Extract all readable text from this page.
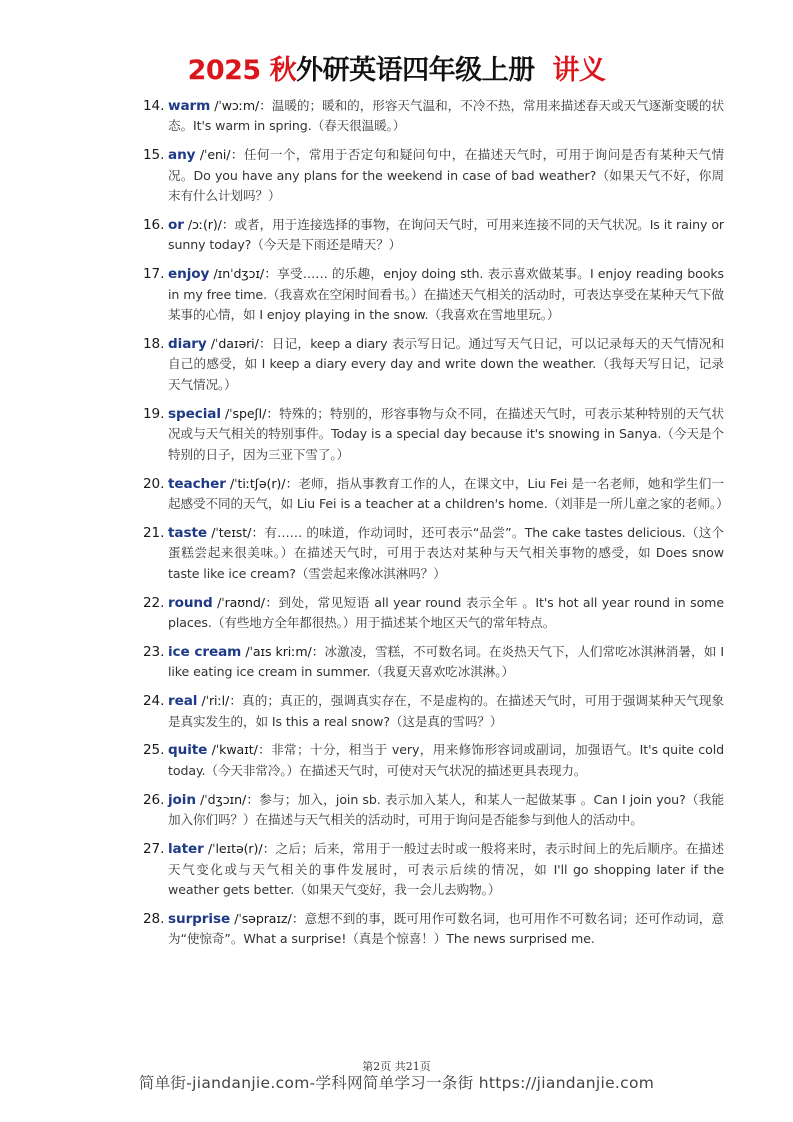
2025 秋外研英语四年级上册 讲义
14. warm /ˈwɔːm/：温暖的；暖和的，形容天气温和，不冷不热，常用来描述春天或天气逐渐变暖的状态。It's warm in spring.（春天很温暖。）
15. any /ˈeni/：任何一个，常用于否定句和疑问句中，在描述天气时，可用于询问是否有某种天气情况。Do you have any plans for the weekend in case of bad weather?（如果天气不好，你周末有什么计划吗？）
16. or /ɔː(r)/：或者，用于连接选择的事物，在询问天气时，可用来连接不同的天气状况。Is it rainy or sunny today?（今天是下雨还是晴天？）
17. enjoy /ɪnˈdʒɔɪ/：享受…… 的乐趣，enjoy doing sth. 表示喜欢做某事。I enjoy reading books in my free time.（我喜欢在空闲时间看书。）在描述天气相关的活动时，可表达享受在某种天气下做某事的心情，如 I enjoy playing in the snow.（我喜欢在雪地里玩。）
18. diary /ˈdaɪəri/：日记，keep a diary 表示写日记。通过写天气日记，可以记录每天的天气情况和自己的感受，如 I keep a diary every day and write down the weather.（我每天写日记，记录天气情况。）
19. special /ˈspeʃl/：特殊的；特别的，形容事物与众不同，在描述天气时，可表示某种特别的天气状况或与天气相关的特别事件。Today is a special day because it's snowing in Sanya.（今天是个特别的日子，因为三亚下雪了。）
20. teacher /ˈtiːtʃə(r)/：老师，指从事教育工作的人，在课文中，Liu Fei 是一名老师，她和学生们一起感受不同的天气，如 Liu Fei is a teacher at a children's home.（刘菲是一所儿童之家的老师。）
21. taste /ˈteɪst/：有…… 的味道，作动词时，还可表示“品尝”。The cake tastes delicious.（这个蛋糕尝起来很美味。）在描述天气时，可用于表达对某种与天气相关事物的感受，如 Does snow taste like ice cream?（雪尝起来像冰淇淋吗？）
22. round /ˈraʊnd/：到处，常见短语 all year round 表示全年 。It's hot all year round in some places.（有些地方全年都很热。）用于描述某个地区天气的常年特点。
23. ice cream /ˈaɪs kriːm/：冰激凌，雪糕，不可数名词。在炎热天气下，人们常吃冰淇淋消暑，如 I like eating ice cream in summer.（我夏天喜欢吃冰淇淋。）
24. real /ˈriːl/：真的；真正的，强调真实存在，不是虚构的。在描述天气时，可用于强调某种天气现象是真实发生的，如 Is this a real snow?（这是真的雪吗？）
25. quite /ˈkwaɪt/：非常；十分，相当于 very，用来修饰形容词或副词，加强语气。It's quite cold today.（今天非常冷。）在描述天气时，可使对天气状况的描述更具表现力。
26. join /ˈdʒɔɪn/：参与；加入，join sb. 表示加入某人，和某人一起做某事 。Can I join you?（我能加入你们吗？）在描述与天气相关的活动时，可用于询问是否能参与到他人的活动中。
27. later /ˈleɪtə(r)/：之后；后来，常用于一般过去时或一般将来时，表示时间上的先后顺序。在描述天气变化或与天气相关的事件发展时，可表示后续的情况，如 I'll go shopping later if the weather gets better.（如果天气变好，我一会儿去购物。）
28. surprise /ˈsəpraɪz/：意想不到的事，既可用作可数名词，也可用作不可数名词；还可作动词，意为“使惊奇”。What a surprise!（真是个惊喜！）The news surprised me.
第2页 共21页
简单街-jiandanjie.com-学科网简单学习一条街 https://jiandanjie.com
